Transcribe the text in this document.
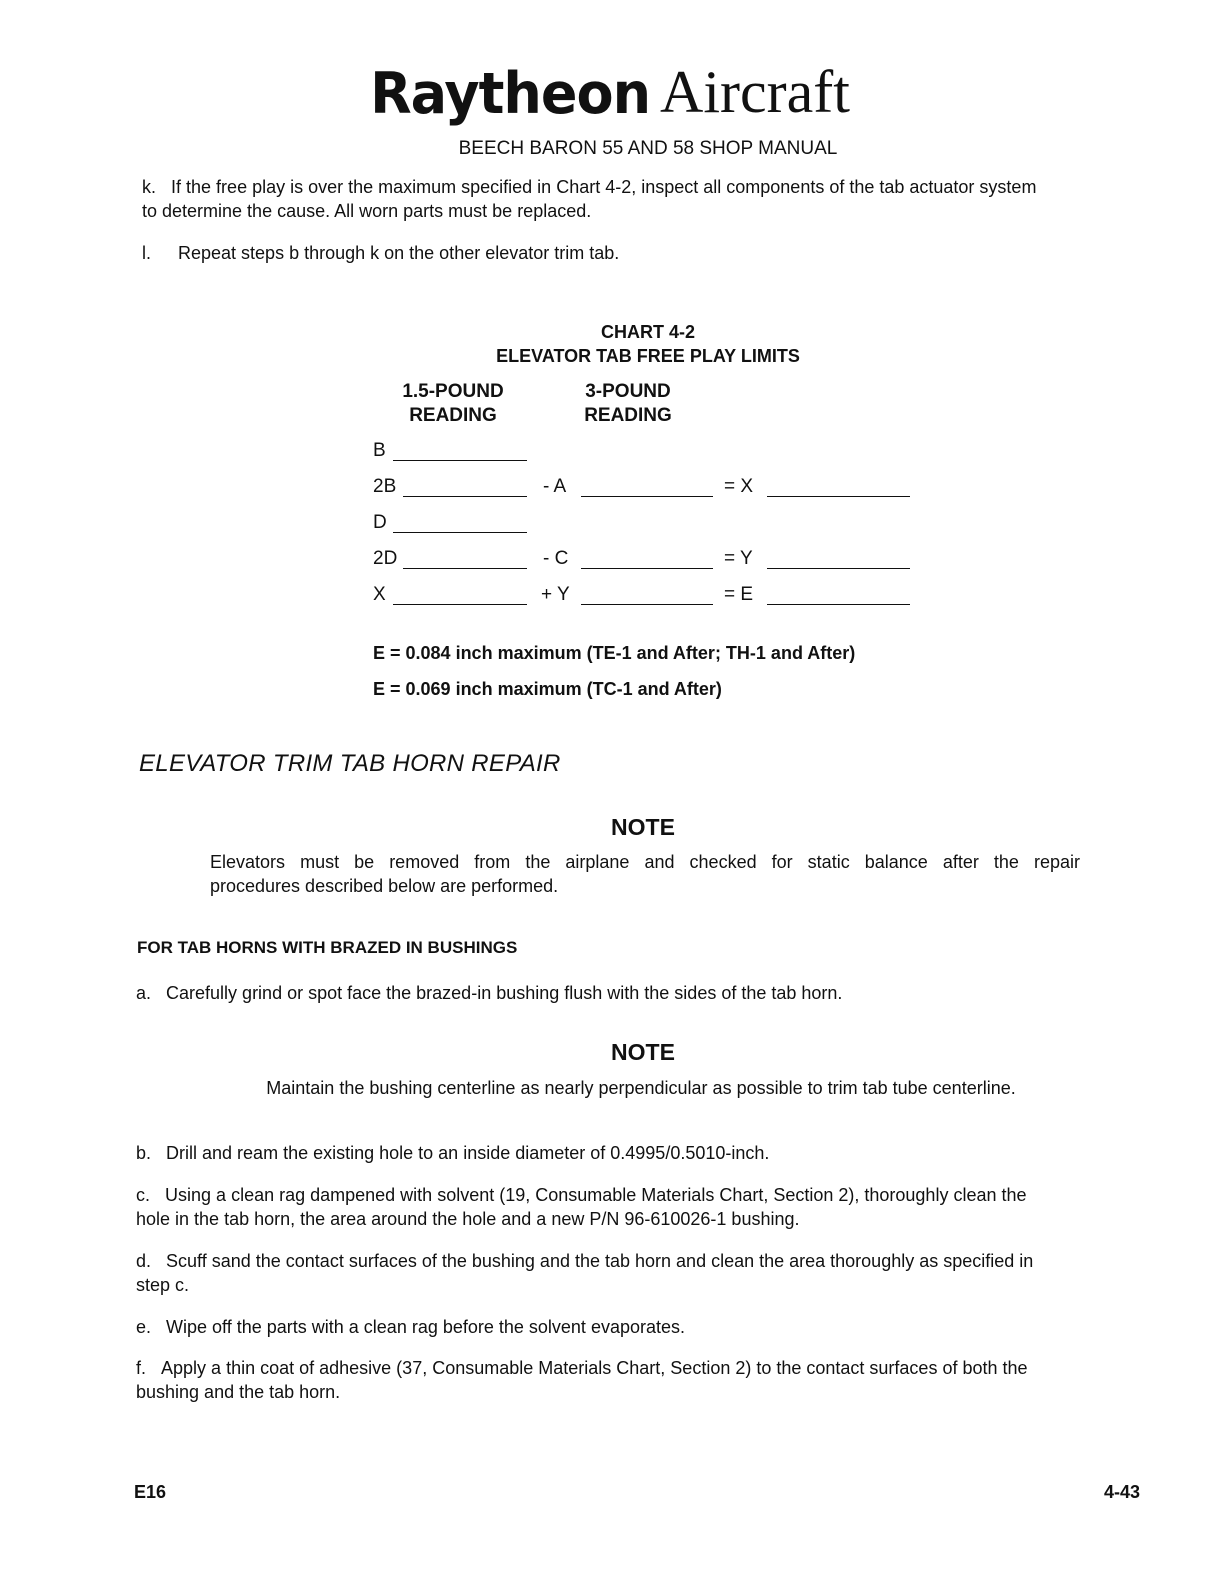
Raytheon Aircraft
BEECH BARON 55 AND 58 SHOP MANUAL
k. If the free play is over the maximum specified in Chart 4-2, inspect all components of the tab actuator system
to determine the cause. All worn parts must be replaced.
l. Repeat steps b through k on the other elevator trim tab.
CHART 4-2
ELEVATOR TAB FREE PLAY LIMITS
1.5-POUND
READING
3-POUND
READING
B
2B	- A	= X
D
2D	- C	= Y
X	+ Y	= E
E = 0.084 inch maximum (TE-1 and After; TH-1 and After)
E = 0.069 inch maximum (TC-1 and After)
ELEVATOR TRIM TAB HORN REPAIR
NOTE
Elevators must be removed from the airplane and checked for static balance after the repair
procedures described below are performed.
FOR TAB HORNS WITH BRAZED IN BUSHINGS
a. Carefully grind or spot face the brazed-in bushing flush with the sides of the tab horn.
NOTE
Maintain the bushing centerline as nearly perpendicular as possible to trim tab tube centerline.
b. Drill and ream the existing hole to an inside diameter of 0.4995/0.5010-inch.
c. Using a clean rag dampened with solvent (19, Consumable Materials Chart, Section 2), thoroughly clean the
hole in the tab horn, the area around the hole and a new P/N 96-610026-1 bushing.
d. Scuff sand the contact surfaces of the bushing and the tab horn and clean the area thoroughly as specified in
step c.
e. Wipe off the parts with a clean rag before the solvent evaporates.
f. Apply a thin coat of adhesive (37, Consumable Materials Chart, Section 2) to the contact surfaces of both the
bushing and the tab horn.
E16	4-43
